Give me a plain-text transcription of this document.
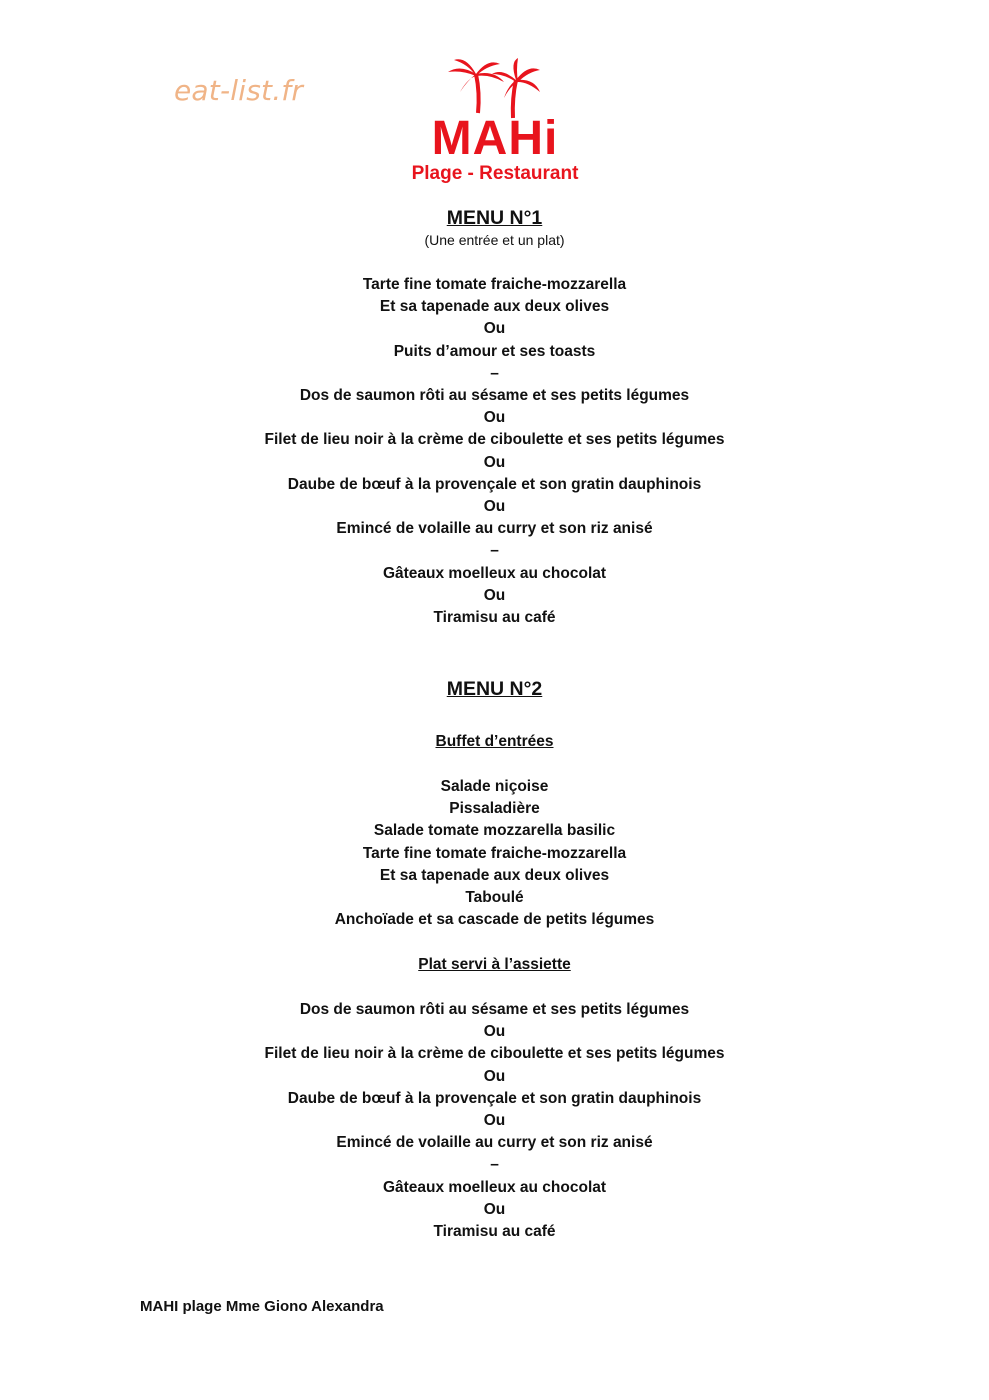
eat-list.fr
MAHi
Plage - Restaurant
MENU N°1
(Une entrée et un plat)
Tarte fine tomate fraiche-mozzarella
Et sa tapenade aux deux olives
Ou
Puits d’amour et ses toasts
–
Dos de saumon rôti au sésame et ses petits légumes
Ou
Filet de lieu noir à la crème de ciboulette et ses petits légumes
Ou
Daube de bœuf à la provençale et son gratin dauphinois
Ou
Emincé de volaille au curry et son riz anisé
–
Gâteaux moelleux au chocolat
Ou
Tiramisu au café
MENU N°2
Buffet d’entrées
Salade niçoise
Pissaladière
Salade tomate mozzarella basilic
Tarte fine tomate fraiche-mozzarella
Et sa tapenade aux deux olives
Taboulé
Anchoïade et sa cascade de petits légumes
Plat servi à l’assiette
Dos de saumon rôti au sésame et ses petits légumes
Ou
Filet de lieu noir à la crème de ciboulette et ses petits légumes
Ou
Daube de bœuf à la provençale et son gratin dauphinois
Ou
Emincé de volaille au curry et son riz anisé
–
Gâteaux moelleux au chocolat
Ou
Tiramisu au café
MAHI plage Mme Giono Alexandra
